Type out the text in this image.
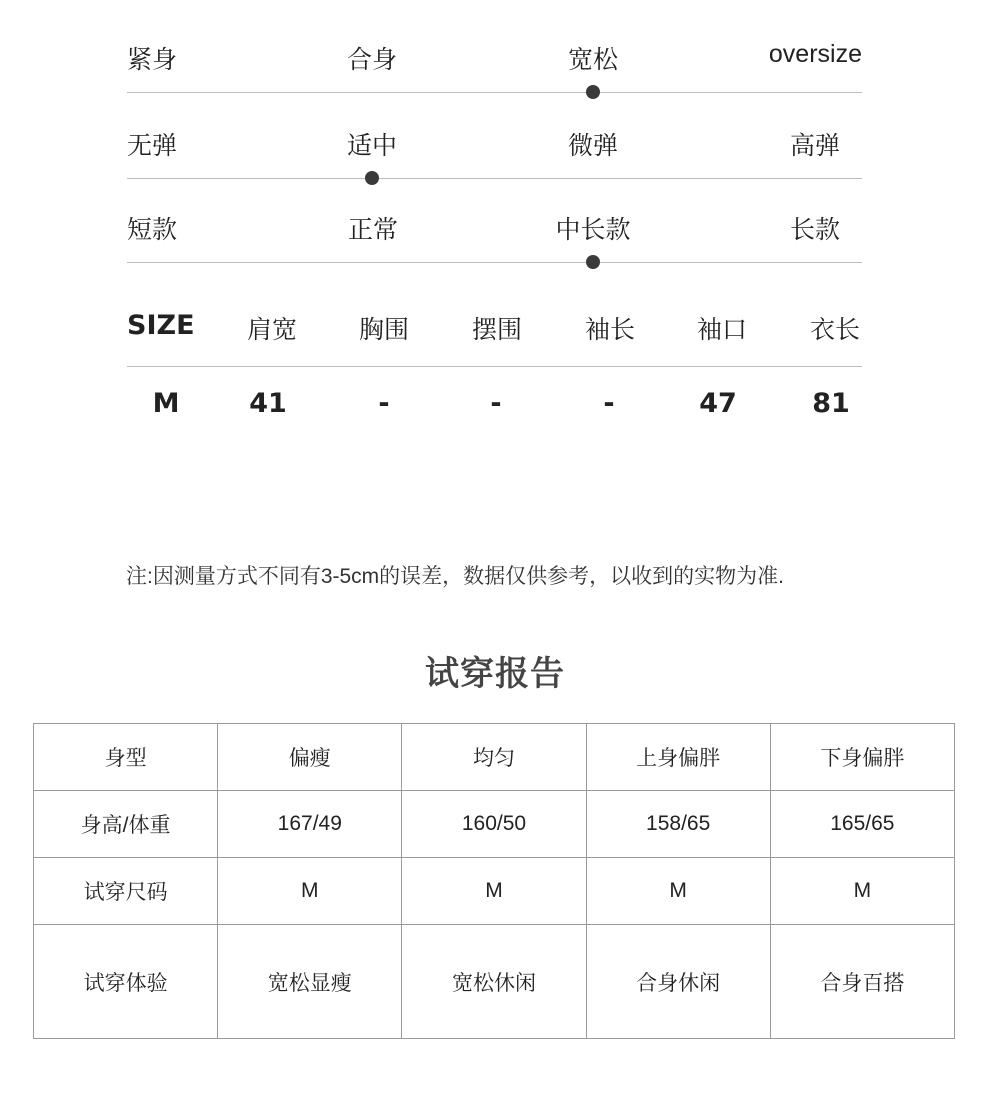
紧身	合身	宽松	oversize
无弹	适中	微弹	高弹
短款	正常	中长款	长款
SIZE 肩宽 胸围	摆围	袖长 袖口	衣长
M	41	-	-	-	47	81
注:因测量方式不同有3-5cm的误差，数据仅供参考，以收到的实物为准.
试穿报告
身型	偏瘦	均匀	上身偏胖	下身偏胖
身高/体重	167/49	160/50	158/65	165/65
试穿尺码	M	M	M	M
试穿体验	宽松显瘦	宽松休闲	合身休闲	合身百搭
